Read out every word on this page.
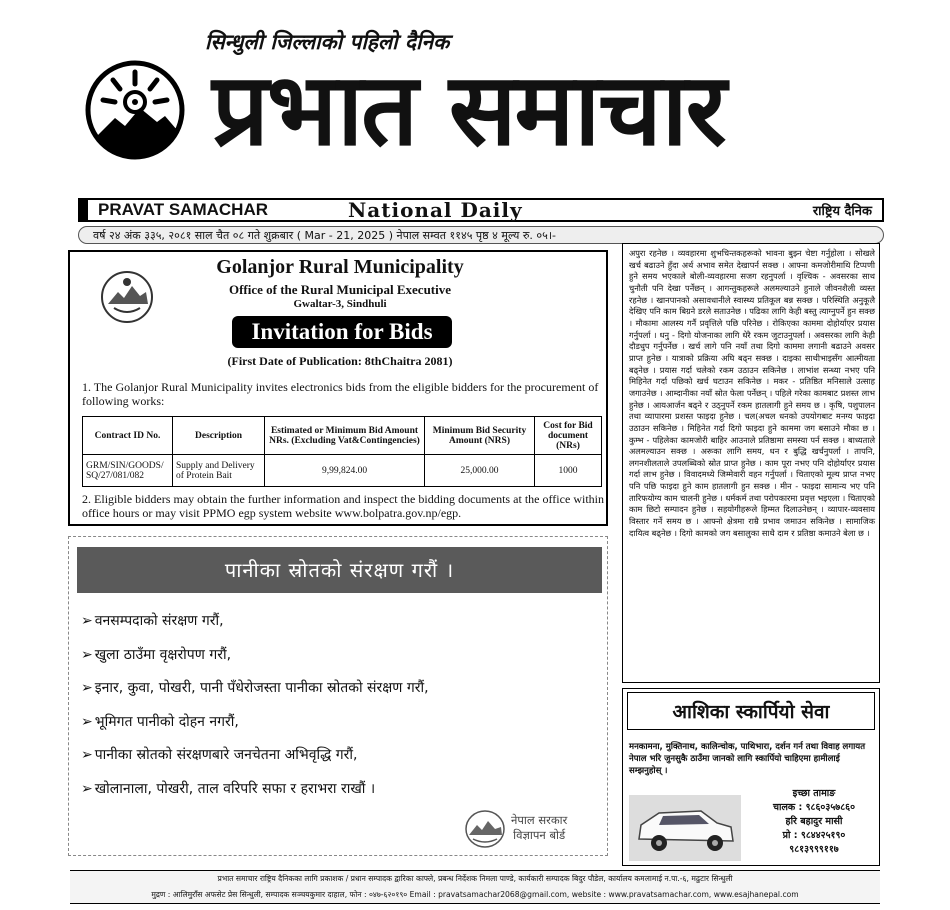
सिन्धुली जिल्लाको पहिलो दैनिक
प्रभात समाचार
PRAVAT SAMACHAR	National Daily	राष्ट्रिय दैनिक
वर्ष २४ अंक ३३५, २०८१ साल चैत ०८ गते शुक्रबार ( Mar - 21, 2025 ) नेपाल सम्वत ११४५ पृष्ठ ४ मूल्य रु. ०५।-
Golanjor Rural Municipality
Office of the Rural Municipal Executive
Gwaltar-3, Sindhuli
Invitation for Bids
(First Date of Publication: 8thChaitra 2081)
1. The Golanjor Rural Municipality invites electronics bids from the eligible bidders for the procurement of following works:
Contract ID No.	Description	Estimated or Minimum Bid Amount NRs. (Excluding Vat&Contingencies)	Minimum Bid Security Amount (NRS)	Cost for Bid document (NRs)
GRM/SIN/GOODS/ SQ/27/081/082	Supply and Delivery of Protein Bait	9,99,824.00	25,000.00	1000
2. Eligible bidders may obtain the further information and inspect the bidding documents at the office within office hours or may visit PPMO egp system website www.bolpatra.gov.np/egp.
पानीका स्रोतको संरक्षण गरौं ।
➢ वनसम्पदाको संरक्षण गरौं,
➢ खुला ठाउँमा वृक्षरोपण गरौं,
➢ इनार, कुवा, पोखरी, पानी पँधेरोजस्ता पानीका स्रोतको संरक्षण गरौं,
➢ भूमिगत पानीको दोहन नगरौं,
➢ पानीका स्रोतको संरक्षणबारे जनचेतना अभिवृद्धि गरौं,
➢ खोलानाला, पोखरी, ताल वरिपरि सफा र हराभरा राखौं ।
नेपाल सरकार
विज्ञापन बोर्ड

अपुरा रहनेछ । व्यवहारमा शुभचिन्तकहरूको भावना बुझ्न चेष्टा गर्नुहोला । सोखले खर्च बढाउने हुँदा अर्थ अभाव समेत देखापर्न सक्छ । आफ्ना कमजोरीमाथि टिप्पणी हुने समय भएकाले बोली-व्यवहारमा सजग रहनुपर्ला । वृश्चिक - अवसरका साथ चुनौती पनि देखा पर्नेछन् । आगन्तुकहरूले अलमल्याउने हुनाले जीवनशैली व्यस्त रहनेछ । खानपानको असावधानीले स्वास्थ्य प्रतिकूल बन्न सक्छ । परिस्थिति अनुकूलै देखिए पनि काम बिग्रने डरले सताउनेछ । पढिका लागि केही बस्तु त्याग्नुपर्ने हुन सक्छ । मौकामा आलस्य गर्नै प्रवृत्तिले पछि परिनेछ । रोकिएका काममा दोहोर्याएर प्रयास गर्नुपर्ला । धनु - दिगो योजनाका लागि धेरै रकम जुटाउनुपर्ला । अवसरका लागि केही दौडधुप गर्नुपर्नेछ । खर्च लागे पनि नयाँ तथा दिगो काममा लगानी बढाउने अवसर प्राप्त हुनेछ । यात्राको प्रक्रिया अघि बढ्न सक्छ । दाइका साथीभाइसँग आत्मीयता बढ्नेछ । प्रयास गर्दा चलेको रकम उठाउन सकिनेछ । लाभांश सन्ध्या नभए पनि मिहिनेत गर्दा पछिको खर्च घटाउन सकिनेछ । मकर - प्रतिष्ठित मनिसाले उत्साह जगाउनेछ । आम्दानीका नयाँ स्रोत फेला पर्नेछन् । पहिले गरेका कामबाट प्रशस्त लाभ हुनेछ । आयआर्जन बढ्ने र उठ्नुपर्ने रकम हातलागी हुने समय छ । कृषि, पशुपालन तथा व्यापारमा प्रशस्त फाइदा हुनेछ । चल(अचल धनको उपयोगबाट मनग्य फाइदा उठाउन सकिनेछ । मिहिनेत गर्दा दिगो फाइदा हुने काममा जग बसाउने मौका छ । कुम्भ - पहिलेका कामजोरी बाहिर आउनाले प्रतिष्ठामा समस्या पर्न सक्छ । बाध्यताले अलमल्याउन सक्छ । अरूका लागि समय, धन र बुद्धि खर्चनुपर्ला । तापनि, लगनशीलताले उपलब्धिको स्रोत प्राप्त हुनेछ । काम पूरा नभए पनि दोहोर्याएर प्रयास गर्दा लाभ हुनेछ । विवादमध्ये जिम्मेवारी वहन गर्नुपर्ला । चिताएको मूल्य प्राप्त नभए पनि पछि फाइदा हुने काम हातलागी हुन सक्छ । मीन - फाइदा सामान्य भए पनि तारिफयोग्य काम चालनी हुनेछ । धर्मकर्म तथा परोपकारमा प्रवृत्त भइएला । चिताएको काम छिटो सम्पादन हुनेछ । सहयोगीहरूले हिम्मत दिलाउनेछन् । व्यापार-व्यवसाय विस्तार गर्ने समय छ । आफ्नो क्षेत्रमा राम्रै प्रभाव जमाउन सकिनेछ । सामाजिक दायित्व बढ्नेछ । दिगो कामको जग बसालुका साथै दाम र प्रतिष्ठा कमाउने बेला छ ।

आशिका स्कार्पियो सेवा
मनकामना, मुक्तिनाथ, कालिन्चोक, पाथिभारा, दर्शन गर्न तथा विवाह लगायत नेपाल भरि जुनसुकै ठाउँमा जानको लागि स्कार्पियो चाहिएमा हामीलाई सम्झनुहोस् ।
इच्छा तामाङ
चालक : ९८६०३५७८६०
हरि बहादुर मासी
प्रो : ९८४४२५१९०
९८१३९९९११७
प्रभात समाचार राष्ट्रिय दैनिकका लागि प्रकाशक / प्रधान सम्पादक द्वारिका काफ्ले, प्रबन्ध निर्देशक निमला पाण्डे, कार्यकारी सम्पादक बिदुर पौडेल, कार्यालय कमलामाई न.पा.-६, मढुटार सिन्धुली
मुद्रण : आलिमुराँस अफसेट प्रेस सिन्धुली, सम्पादक सञ्चयकुमार दाहाल, फोन : ०४७-६२०१९० Email : pravatsamachar2068@gmail.com, website : www.pravatsamachar.com, www.esajhanepal.com
